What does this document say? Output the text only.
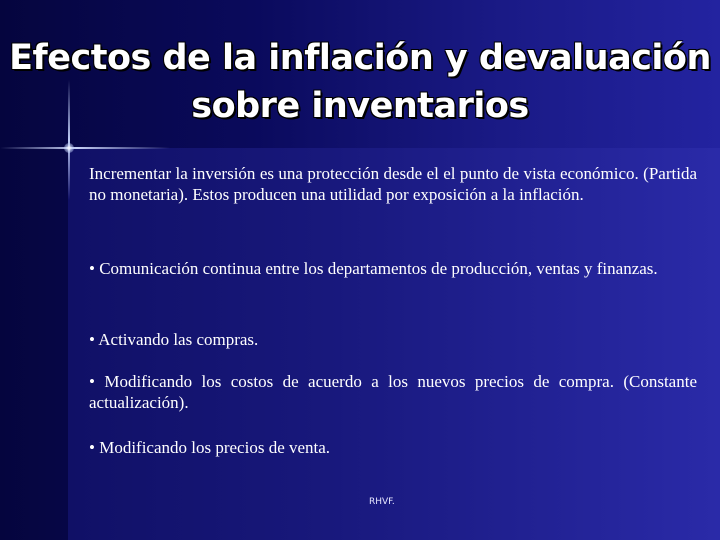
Efectos de la inflación y devaluación
sobre inventarios

Incrementar la inversión es una protección desde el el punto de vista económico. (Partida no monetaria). Estos producen una utilidad por exposición a la inflación.

• Comunicación continua entre los departamentos de producción, ventas y finanzas.

• Activando las compras.

• Modificando los costos de acuerdo a los nuevos precios de compra. (Constante actualización).

• Modificando los precios de venta.

RHVF.
